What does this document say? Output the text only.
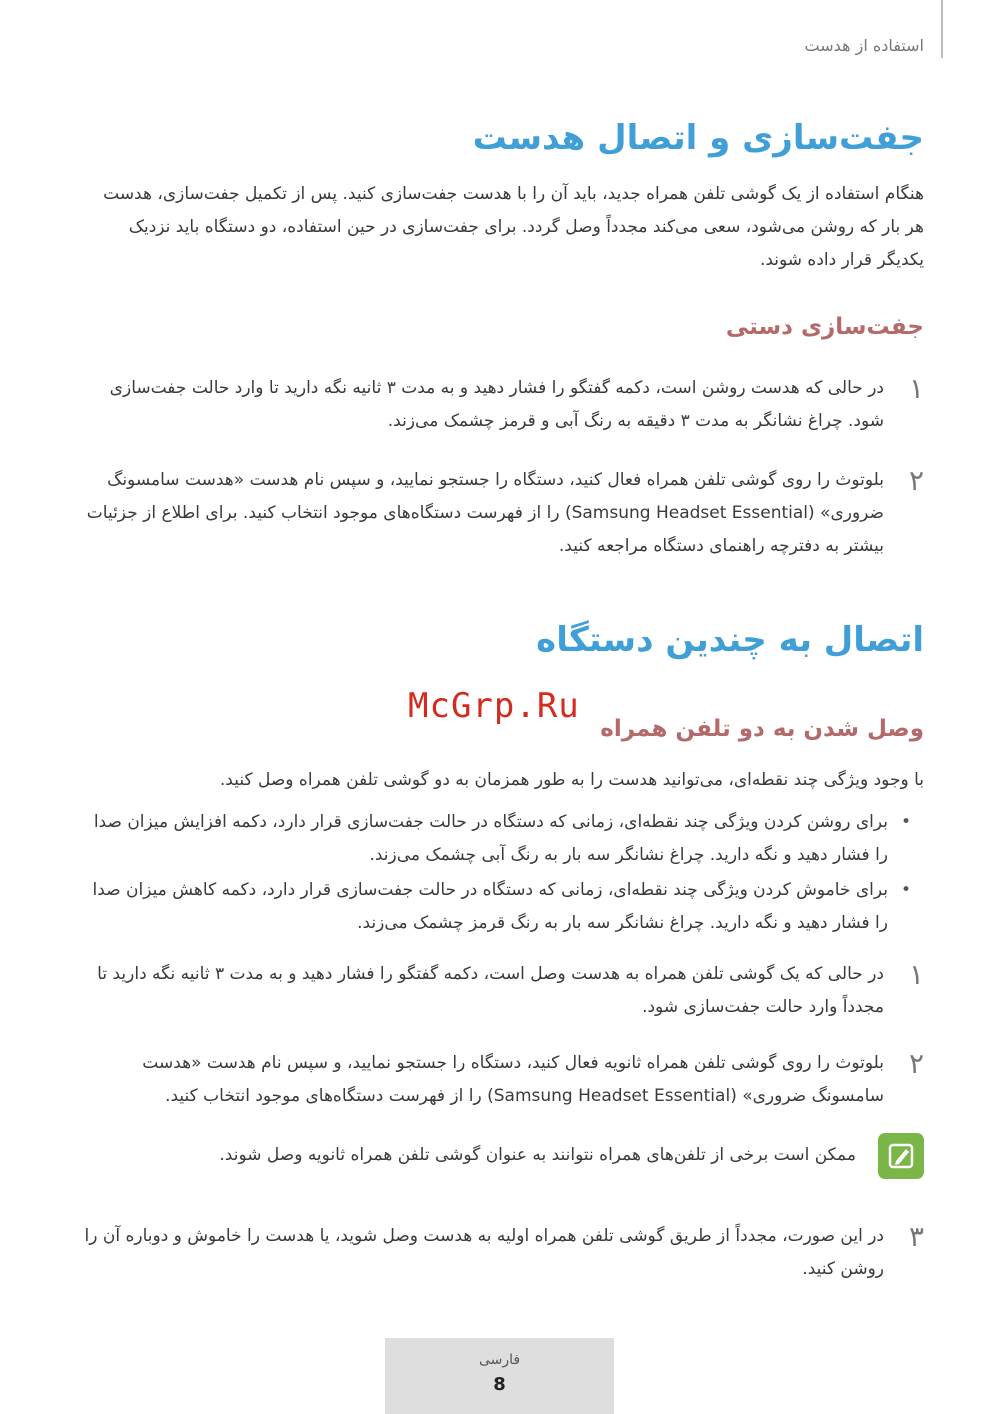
استفاده از هدست
جفت‌سازی و اتصال هدست
هنگام استفاده از یک گوشی تلفن همراه جدید، باید آن را با هدست جفت‌سازی کنید. پس از تکمیل جفت‌سازی، هدست هر بار که روشن می‌شود، سعی می‌کند مجدداً وصل گردد. برای جفت‌سازی در حین استفاده، دو دستگاه باید نزدیک یکدیگر قرار داده شوند.
جفت‌سازی دستی
۱
در حالی که هدست روشن است، دکمه گفتگو را فشار دهید و به مدت ۳ ثانیه نگه دارید تا وارد حالت جفت‌سازی شود. چراغ نشانگر به مدت ۳ دقیقه به رنگ آبی و قرمز چشمک می‌زند.
۲
بلوتوث را روی گوشی تلفن همراه فعال کنید، دستگاه را جستجو نمایید، و سپس نام هدست «هدست سامسونگ ضروری» (Samsung Headset Essential) را از فهرست دستگاه‌های موجود انتخاب کنید. برای اطلاع از جزئیات بیشتر به دفترچه راهنمای دستگاه مراجعه کنید.
اتصال به چندین دستگاه
McGrp.Ru
وصل شدن به دو تلفن همراه
با وجود ویژگی چند نقطه‌ای، می‌توانید هدست را به طور همزمان به دو گوشی تلفن همراه وصل کنید.
•
برای روشن کردن ویژگی چند نقطه‌ای، زمانی که دستگاه در حالت جفت‌سازی قرار دارد، دکمه افزایش میزان صدا را فشار دهید و نگه دارید. چراغ نشانگر سه بار به رنگ آبی چشمک می‌زند.
•
برای خاموش کردن ویژگی چند نقطه‌ای، زمانی که دستگاه در حالت جفت‌سازی قرار دارد، دکمه کاهش میزان صدا را فشار دهید و نگه دارید. چراغ نشانگر سه بار به رنگ قرمز چشمک می‌زند.
۱
در حالی که یک گوشی تلفن همراه به هدست وصل است، دکمه گفتگو را فشار دهید و به مدت ۳ ثانیه نگه دارید تا مجدداً وارد حالت جفت‌سازی شود.
۲
بلوتوث را روی گوشی تلفن همراه ثانویه فعال کنید، دستگاه را جستجو نمایید، و سپس نام هدست «هدست سامسونگ ضروری» (Samsung Headset Essential) را از فهرست دستگاه‌های موجود انتخاب کنید.
ممکن است برخی از تلفن‌های همراه نتوانند به عنوان گوشی تلفن همراه ثانویه وصل شوند.
۳
در این صورت، مجدداً از طریق گوشی تلفن همراه اولیه به هدست وصل شوید، یا هدست را خاموش و دوباره آن را روشن کنید.
فارسی
8
